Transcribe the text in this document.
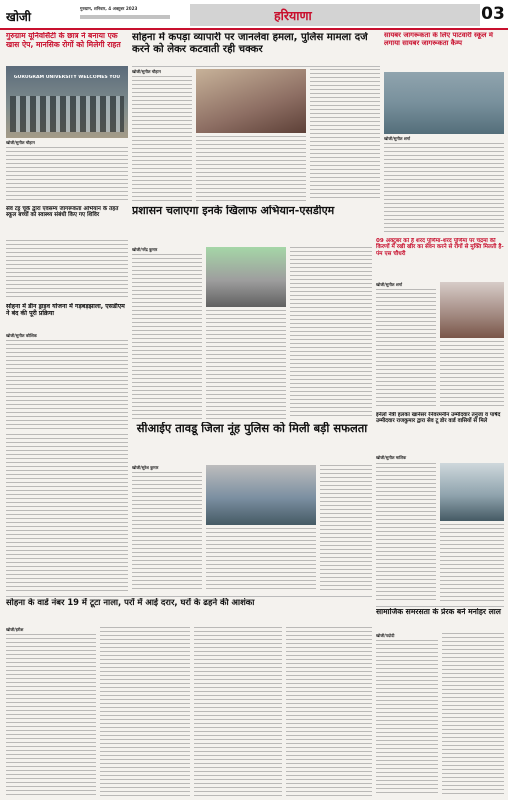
खोजी
गुरुग्राम, शनिवार, 4 अक्टूबर 2023	हरियाणा	03
गुरुग्राम यूनिवर्सिटी के छात्र ने बनाया एक खास ऐप, मानसिक रोगों को मिलेगी राहत
GURUGRAM UNIVERSITY WELCOMES YOU
खोजी/सुनील चौहान
सोहना में कपड़ा व्यापारी पर जानलेवा हमला, पुलिस मामला दर्ज करने को लेकर कटवाती रही चक्कर
खोजी/सुनील चौहान
सायबर जागरूकता के लिए पाटवारी स्कूल में लगाया सायबर जागरूकता कैम्प
खोजी/सुनील शर्मा
प्रशासन चलाएगा इनके खिलाफ अभियान-एसडीएम
खोजी/नरेंद्र कुमार
09 अक्टूबर को है शरद पूर्णिमा-शरद पूर्णिमा पर चंद्रमा की किरणों में रखी खीर का सेवन करने से रोगों से मुक्ति मिलती है-पंम एस चौधरी
खोजी/सुनील शर्मा
सेव टट्ट चूके द्वारा एवसम्य जागरूकता अभियान के तहत स्कूल बच्चों को स्वास्थ्य संबंधी किए गए शिविर
सोहना में डीन ड्राइव योजना में गड़बड़झाला, एसडीएम ने बंद की पूरी प्रक्रिया
खोजी/सुनील कौशिक
सीआईए तावडू जिला नूंह पुलिस को मिली बड़ी सफलता
खोजी/सुरेश कुमार
इनेलो नेत्री हलका खानेसर रेनेवरमनीन उम्मीदवार तनुजा व पार्षद उम्मीदवार राजकुमार द्वारा सेव टू डोर वार्ड वासियों से मिले
खोजी/सुनील मालिक
सोहना के वार्ड नंबर 19 में टूटा नाला, परों में आई दरार, घरों के ढहने की आशंका
खोजी/हरीश
सामाजिक समरसता के प्रेरक बने मनोहर लाल
खोजी/पदोदी
